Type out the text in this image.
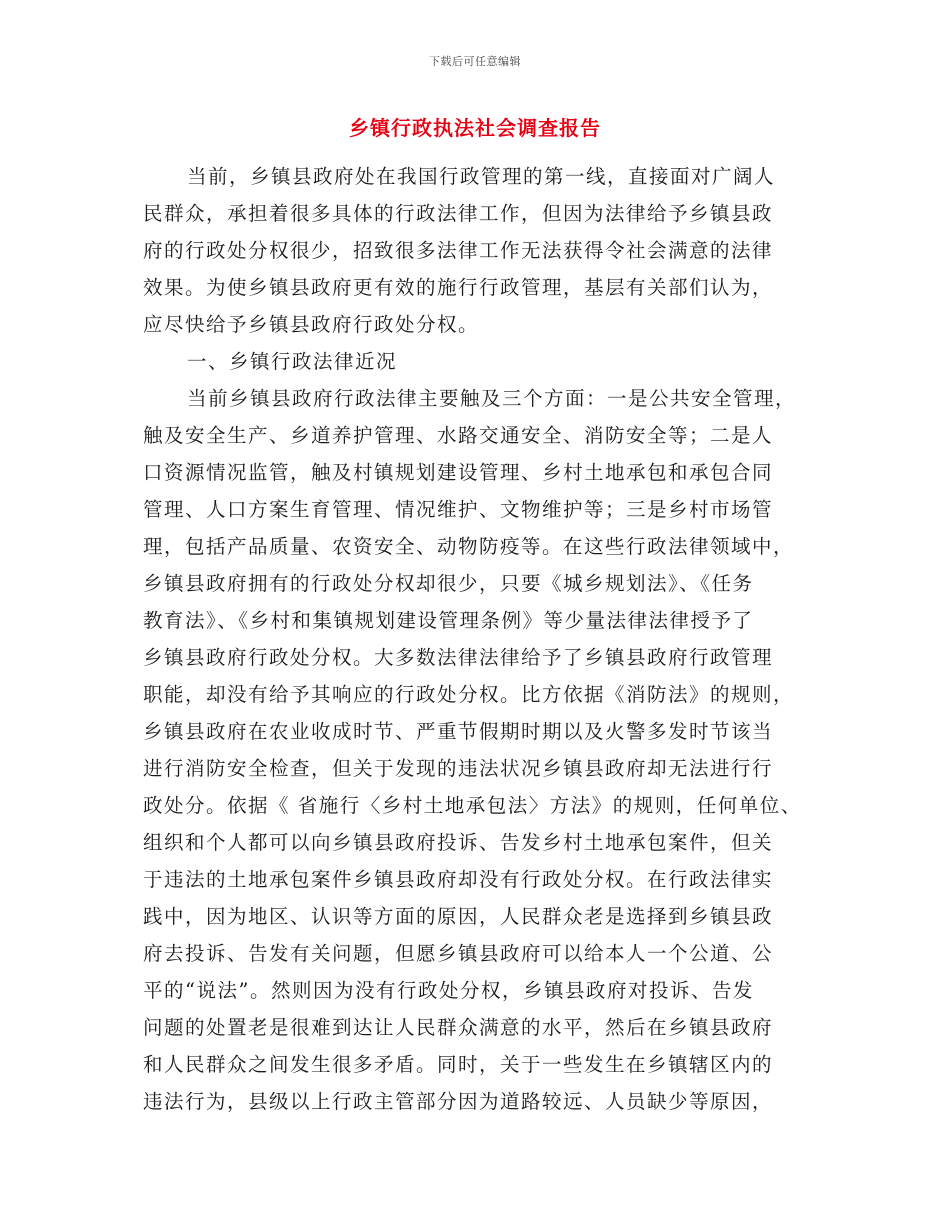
下载后可任意编辑
乡镇行政执法社会调查报告
当前，乡镇县政府处在我国行政管理的第一线，直接面对广阔人
民群众，承担着很多具体的行政法律工作，但因为法律给予乡镇县政
府的行政处分权很少，招致很多法律工作无法获得令社会满意的法律
效果。为使乡镇县政府更有效的施行行政管理，基层有关部们认为，
应尽快给予乡镇县政府行政处分权。
一、乡镇行政法律近况
当前乡镇县政府行政法律主要触及三个方面：一是公共安全管理，
触及安全生产、乡道养护管理、水路交通安全、消防安全等；二是人
口资源情况监管，触及村镇规划建设管理、乡村土地承包和承包合同
管理、人口方案生育管理、情况维护、文物维护等；三是乡村市场管
理，包括产品质量、农资安全、动物防疫等。在这些行政法律领域中，
乡镇县政府拥有的行政处分权却很少，只要《城乡规划法》、《任务
教育法》、《乡村和集镇规划建设管理条例》等少量法律法律授予了
乡镇县政府行政处分权。大多数法律法律给予了乡镇县政府行政管理
职能，却没有给予其响应的行政处分权。比方依据《消防法》的规则，
乡镇县政府在农业收成时节、严重节假期时期以及火警多发时节该当
进行消防安全检查，但关于发现的违法状况乡镇县政府却无法进行行
政处分。依据《 省施行〈乡村土地承包法〉方法》的规则，任何单位、
组织和个人都可以向乡镇县政府投诉、告发乡村土地承包案件，但关
于违法的土地承包案件乡镇县政府却没有行政处分权。在行政法律实
践中，因为地区、认识等方面的原因，人民群众老是选择到乡镇县政
府去投诉、告发有关问题，但愿乡镇县政府可以给本人一个公道、公
平的“说法”。然则因为没有行政处分权，乡镇县政府对投诉、告发
问题的处置老是很难到达让人民群众满意的水平，然后在乡镇县政府
和人民群众之间发生很多矛盾。同时，关于一些发生在乡镇辖区内的
违法行为，县级以上行政主管部分因为道路较远、人员缺少等原因，
